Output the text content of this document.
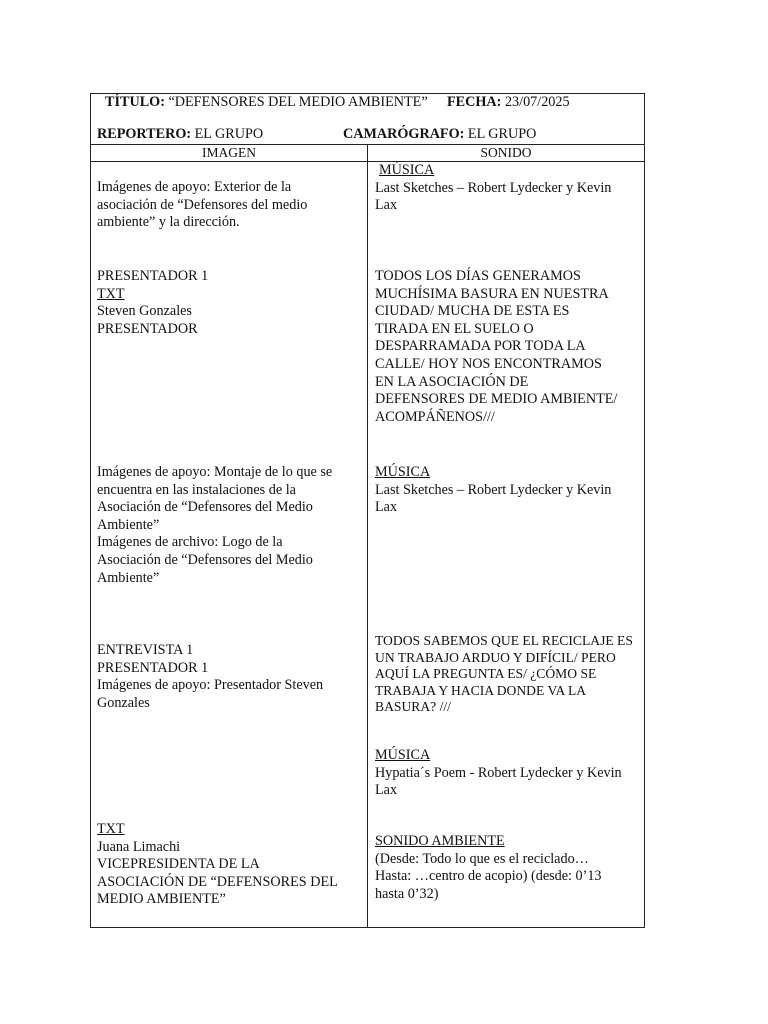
TÍTULO: “DEFENSORES DEL MEDIO AMBIENTE” FECHA: 23/07/2025
REPORTERO: EL GRUPO	CAMARÓGRAFO: EL GRUPO
IMAGEN	SONIDO
Imágenes de apoyo: Exterior de la
asociación de “Defensores del medio
ambiente” y la dirección.
PRESENTADOR 1
TXT
Steven Gonzales
PRESENTADOR
Imágenes de apoyo: Montaje de lo que se
encuentra en las instalaciones de la
Asociación de “Defensores del Medio
Ambiente”
Imágenes de archivo: Logo de la
Asociación de “Defensores del Medio
Ambiente”
ENTREVISTA 1
PRESENTADOR 1
Imágenes de apoyo: Presentador Steven
Gonzales
TXT
Juana Limachi
VICEPRESIDENTA DE LA
ASOCIACIÓN DE “DEFENSORES DEL
MEDIO AMBIENTE”
MÚSICA
Last Sketches – Robert Lydecker y Kevin
Lax
TODOS LOS DÍAS GENERAMOS
MUCHÍSIMA BASURA EN NUESTRA
CIUDAD/ MUCHA DE ESTA ES
TIRADA EN EL SUELO O
DESPARRAMADA POR TODA LA
CALLE/ HOY NOS ENCONTRAMOS
EN LA ASOCIACIÓN DE
DEFENSORES DE MEDIO AMBIENTE/
ACOMPÁÑENOS///
MÚSICA
Last Sketches – Robert Lydecker y Kevin
Lax
TODOS SABEMOS QUE EL RECICLAJE ES
UN TRABAJO ARDUO Y DIFÍCIL/ PERO
AQUÍ LA PREGUNTA ES/ ¿CÓMO SE
TRABAJA Y HACIA DONDE VA LA
BASURA? ///
MÚSICA
Hypatia´s Poem - Robert Lydecker y Kevin
Lax
SONIDO AMBIENTE
(Desde: Todo lo que es el reciclado…
Hasta: …centro de acopio) (desde: 0’13
hasta 0’32)
